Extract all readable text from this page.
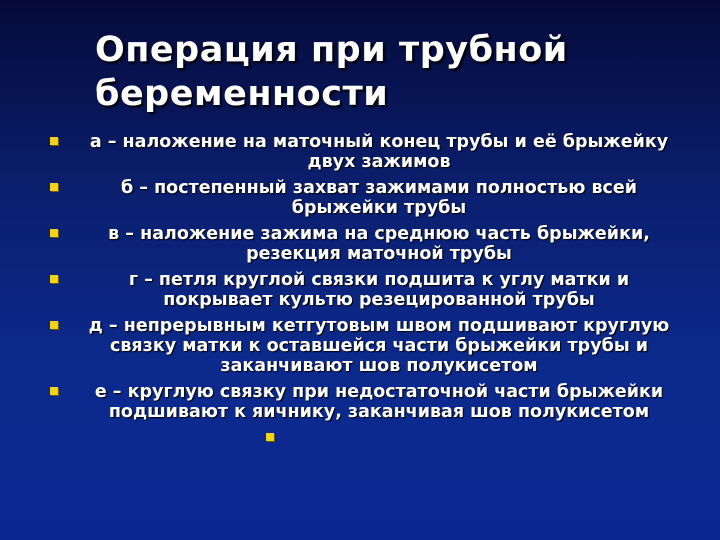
Операция при трубной беременности
а – наложение на маточный конец трубы и её брыжейку двух зажимов
б – постепенный захват зажимами полностью всей брыжейки трубы
в – наложение зажима на среднюю часть брыжейки, резекция маточной трубы
г – петля круглой связки подшита к углу матки и покрывает культю резецированной трубы
д – непрерывным кетгутовым швом подшивают круглую связку матки к оставшейся части брыжейки трубы и заканчивают шов полукисетом
е – круглую связку при недостаточной части брыжейки подшивают к яичнику, заканчивая шов полукисетом
